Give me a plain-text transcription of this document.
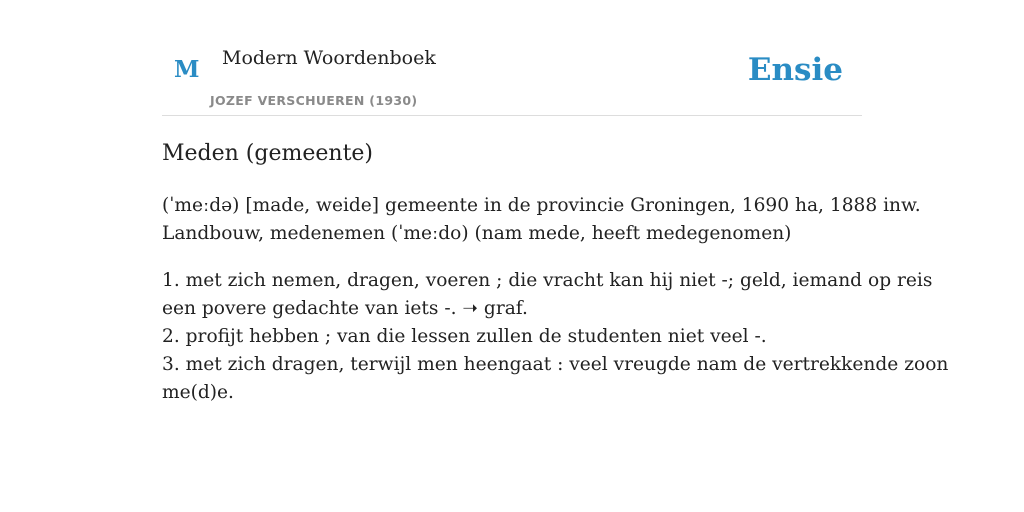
M Modern Woordenboek
JOZEF VERSCHUEREN (1930)
Ensie
Meden (gemeente)

(ˈmeːdə) [made, weide] gemeente in de provincie Groningen, 1690 ha, 1888 inw.
Landbouw, medenemen (ˈmeːdo) (nam mede, heeft medegenomen)

1. met zich nemen, dragen, voeren ; die vracht kan hij niet -; geld, iemand op reis
een povere gedachte van iets -. ➝ graf.
2. profijt hebben ; van die lessen zullen de studenten niet veel -.
3. met zich dragen, terwijl men heengaat : veel vreugde nam de vertrekkende zoon
me(d)e.
